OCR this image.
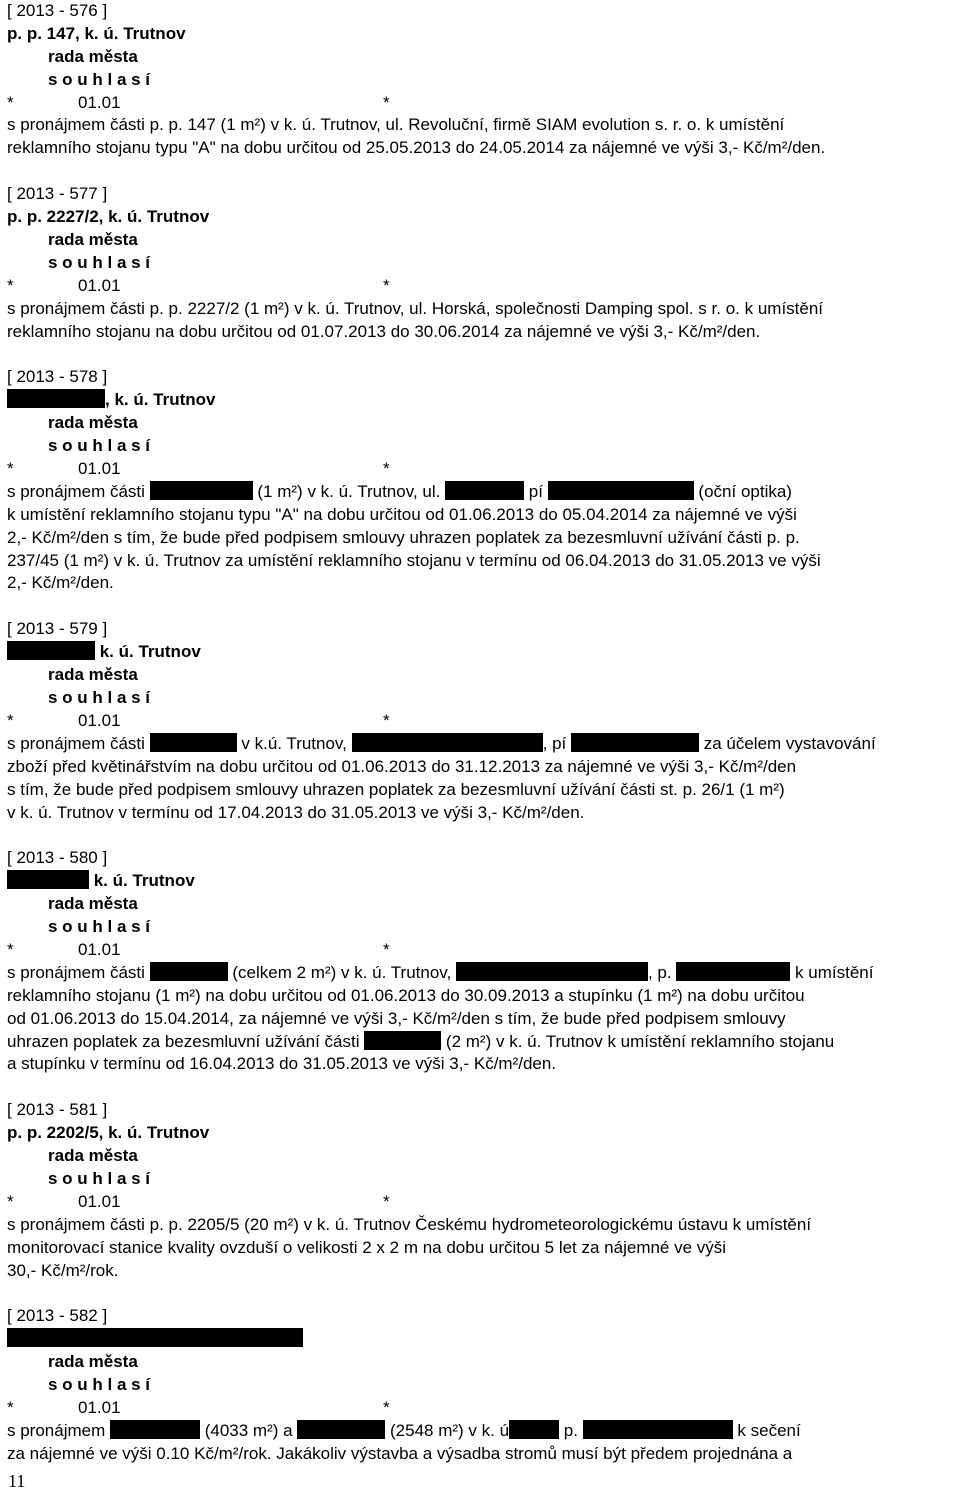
[ 2013 - 576 ]
p. p. 147, k. ú. Trutnov
rada města
s o u h l a s í
*	01.01	*
s pronájmem části p. p. 147 (1 m²) v k. ú. Trutnov, ul. Revoluční, firmě SIAM evolution s. r. o. k umístění
reklamního stojanu typu "A" na dobu určitou od 25.05.2013 do 24.05.2014 za nájemné ve výši 3,- Kč/m²/den.
[ 2013 - 577 ]
p. p. 2227/2, k. ú. Trutnov
rada města
s o u h l a s í
*	01.01	*
s pronájmem části p. p. 2227/2 (1 m²) v k. ú. Trutnov, ul. Horská, společnosti Damping spol. s r. o. k umístění
reklamního stojanu na dobu určitou od 01.07.2013 do 30.06.2014 za nájemné ve výši 3,- Kč/m²/den.
[ 2013 - 578 ]
, k. ú. Trutnov
rada města
s o u h l a s í
*	01.01	*
s pronájmem části	(1 m²) v k. ú. Trutnov, ul.	pí	(oční optika)
k umístění reklamního stojanu typu "A" na dobu určitou od 01.06.2013 do 05.04.2014 za nájemné ve výši
2,- Kč/m²/den s tím, že bude před podpisem smlouvy uhrazen poplatek za bezesmluvní užívání části p. p.
237/45 (1 m²) v k. ú. Trutnov za umístění reklamního stojanu v termínu od 06.04.2013 do 31.05.2013 ve výši
2,- Kč/m²/den.
[ 2013 - 579 ]
k. ú. Trutnov
rada města
s o u h l a s í
*	01.01	*
s pronájmem části	v k.ú. Trutnov,	, pí	za účelem vystavování
zboží před květinářstvím na dobu určitou od 01.06.2013 do 31.12.2013 za nájemné ve výši 3,- Kč/m²/den
s tím, že bude před podpisem smlouvy uhrazen poplatek za bezesmluvní užívání části st. p. 26/1 (1 m²)
v k. ú. Trutnov v termínu od 17.04.2013 do 31.05.2013 ve výši 3,- Kč/m²/den.
[ 2013 - 580 ]
k. ú. Trutnov
rada města
s o u h l a s í
*	01.01	*
s pronájmem části	(celkem 2 m²) v k. ú. Trutnov,	, p.	k umístění
reklamního stojanu (1 m²) na dobu určitou od 01.06.2013 do 30.09.2013 a stupínku (1 m²) na dobu určitou
od 01.06.2013 do 15.04.2014, za nájemné ve výši 3,- Kč/m²/den s tím, že bude před podpisem smlouvy
uhrazen poplatek za bezesmluvní užívání části	(2 m²) v k. ú. Trutnov k umístění reklamního stojanu
a stupínku v termínu od 16.04.2013 do 31.05.2013 ve výši 3,- Kč/m²/den.
[ 2013 - 581 ]
p. p. 2202/5, k. ú. Trutnov
rada města
s o u h l a s í
*	01.01	*
s pronájmem části p. p. 2205/5 (20 m²) v k. ú. Trutnov Českému hydrometeorologickému ústavu k umístění
monitorovací stanice kvality ovzduší o velikosti 2 x 2 m na dobu určitou 5 let za nájemné ve výši
30,- Kč/m²/rok.
[ 2013 - 582 ]
rada města
s o u h l a s í
*	01.01	*
s pronájmem	(4033 m²) a	(2548 m²) v k. ú	p.	k sečení
za nájemné ve výši 0.10 Kč/m²/rok. Jakákoliv výstavba a výsadba stromů musí být předem projednána a
11
